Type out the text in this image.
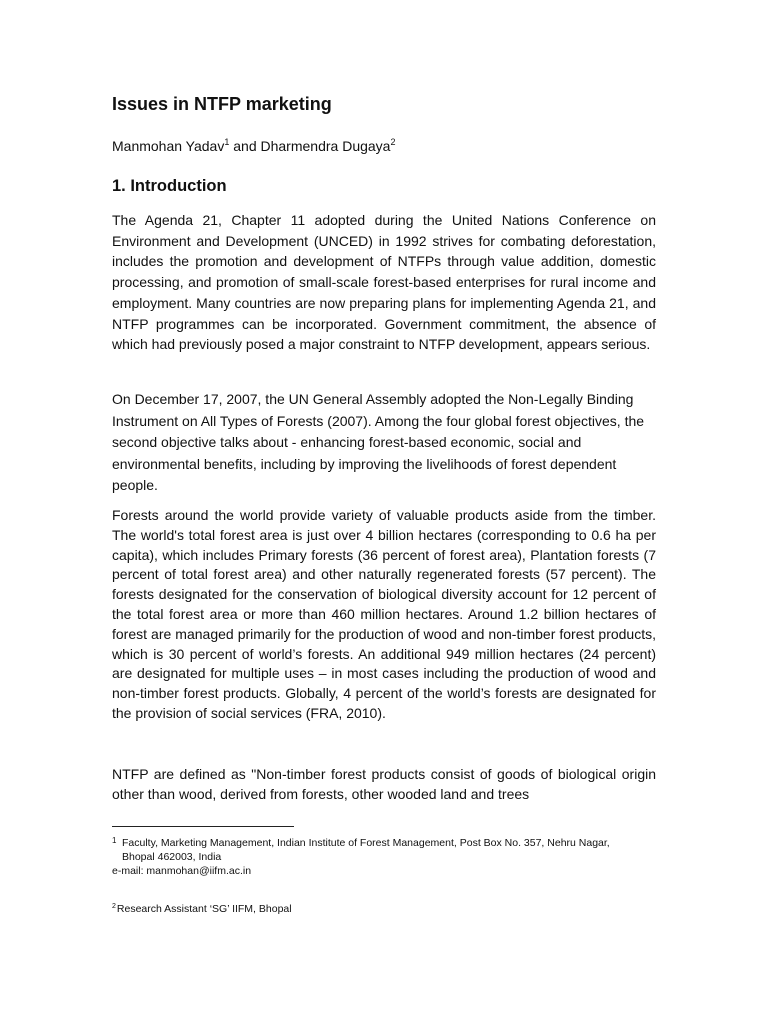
Issues in NTFP marketing

Manmohan Yadav$^1$ and Dharmendra Dugaya$^2$

1. Introduction

The Agenda 21, Chapter 11 adopted during the United Nations Conference on Environment and Development (UNCED) in 1992 strives for combating deforestation, includes the promotion and development of NTFPs through value addition, domestic processing, and promotion of small-scale forest-based enterprises for rural income and employment. Many countries are now preparing plans for implementing Agenda 21, and NTFP programmes can be incorporated. Government commitment, the absence of which had previously posed a major constraint to NTFP development, appears serious.

On December 17, 2007, the UN General Assembly adopted the Non-Legally Binding Instrument on All Types of Forests (2007). Among the four global forest objectives, the second objective talks about - enhancing forest-based economic, social and environmental benefits, including by improving the livelihoods of forest dependent people.

Forests around the world provide variety of valuable products aside from the timber. The world's total forest area is just over 4 billion hectares (corresponding to 0.6 ha per capita), which includes Primary forests (36 percent of forest area), Plantation forests (7 percent of total forest area) and other naturally regenerated forests (57 percent). The forests designated for the conservation of biological diversity account for 12 percent of the total forest area or more than 460 million hectares. Around 1.2 billion hectares of forest are managed primarily for the production of wood and non-timber forest products, which is 30 percent of world’s forests. An additional 949 million hectares (24 percent) are designated for multiple uses – in most cases including the production of wood and non-timber forest products. Globally, 4 percent of the world’s forests are designated for the provision of social services (FRA, 2010).

NTFP are defined as "Non-timber forest products consist of goods of biological origin other than wood, derived from forests, other wooded land and trees

1 Faculty, Marketing Management, Indian Institute of Forest Management, Post Box No. 357, Nehru Nagar,
Bhopal 462003, India
e-mail: manmohan@iifm.ac.in
$^2$Research Assistant ‘SG’ IIFM, Bhopal
